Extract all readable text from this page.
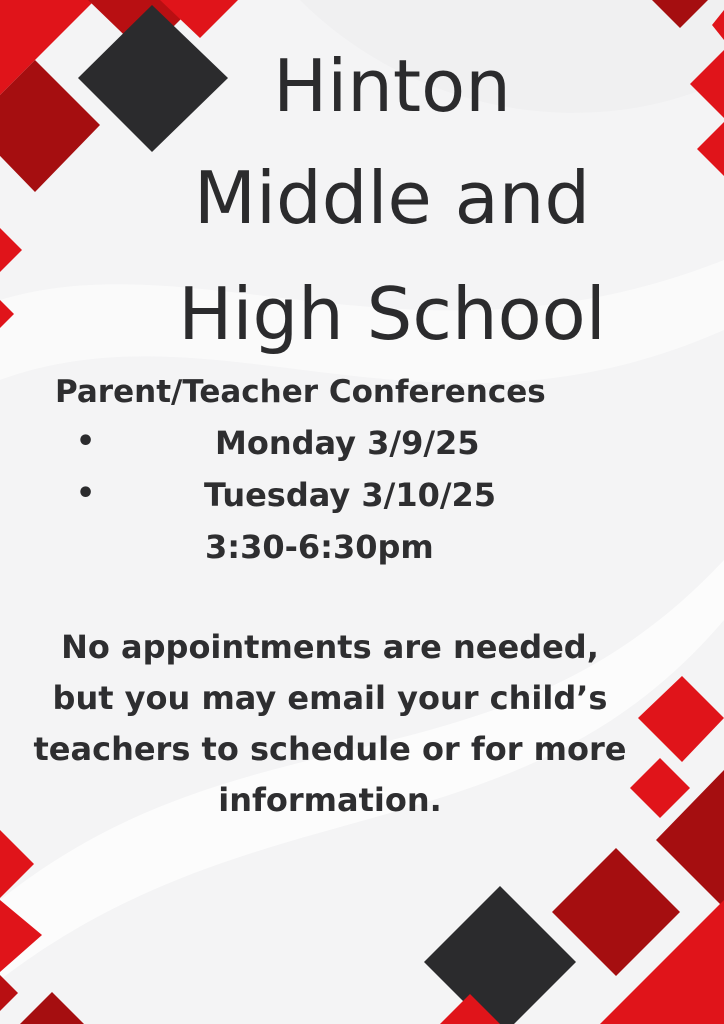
Hinton
Middle and
High School
Parent/Teacher Conferences
•	Monday 3/9/25
•	Tuesday 3/10/25
3:30-6:30pm
No appointments are needed, but you may email your child’s teachers to schedule or for more information.
